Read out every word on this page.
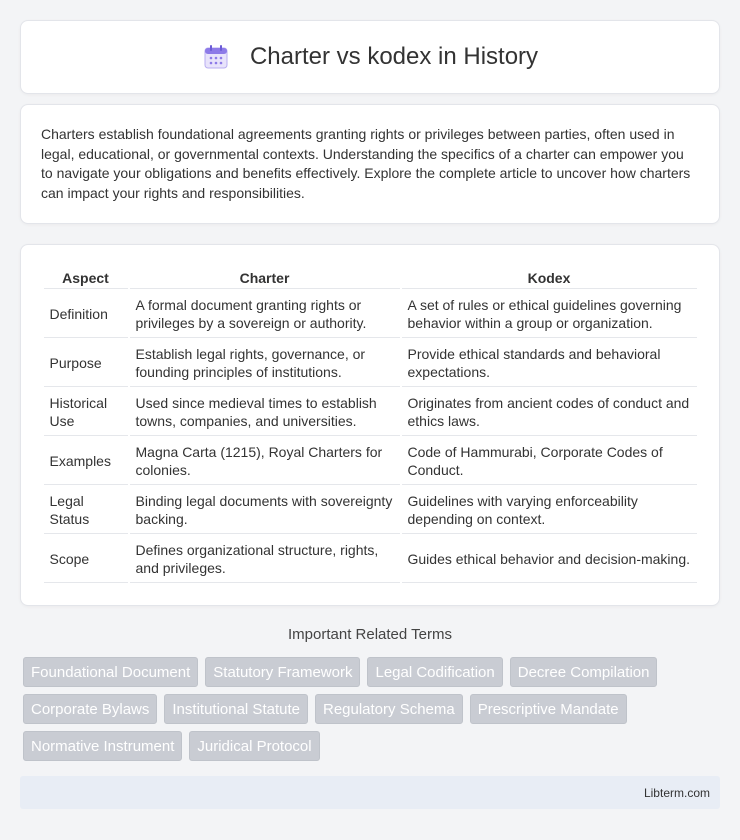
Charter vs kodex in History

Charters establish foundational agreements granting rights or privileges between parties, often used in legal, educational, or governmental contexts. Understanding the specifics of a charter can empower you to navigate your obligations and benefits effectively. Explore the complete article to uncover how charters can impact your rights and responsibilities.

Aspect	Charter	Kodex
Definition	A formal document granting rights or privileges by a sovereign or authority.	A set of rules or ethical guidelines governing behavior within a group or organization.
Purpose	Establish legal rights, governance, or founding principles of institutions.	Provide ethical standards and behavioral expectations.
Historical Use	Used since medieval times to establish towns, companies, and universities.	Originates from ancient codes of conduct and ethics laws.
Examples	Magna Carta (1215), Royal Charters for colonies.	Code of Hammurabi, Corporate Codes of Conduct.
Legal Status	Binding legal documents with sovereignty backing.	Guidelines with varying enforceability depending on context.
Scope	Defines organizational structure, rights, and privileges.	Guides ethical behavior and decision-making.
Important Related Terms
Foundational Document	Statutory Framework	Legal Codification	Decree Compilation
Corporate Bylaws	Institutional Statute	Regulatory Schema	Prescriptive Mandate
Normative Instrument	Juridical Protocol
Libterm.com
